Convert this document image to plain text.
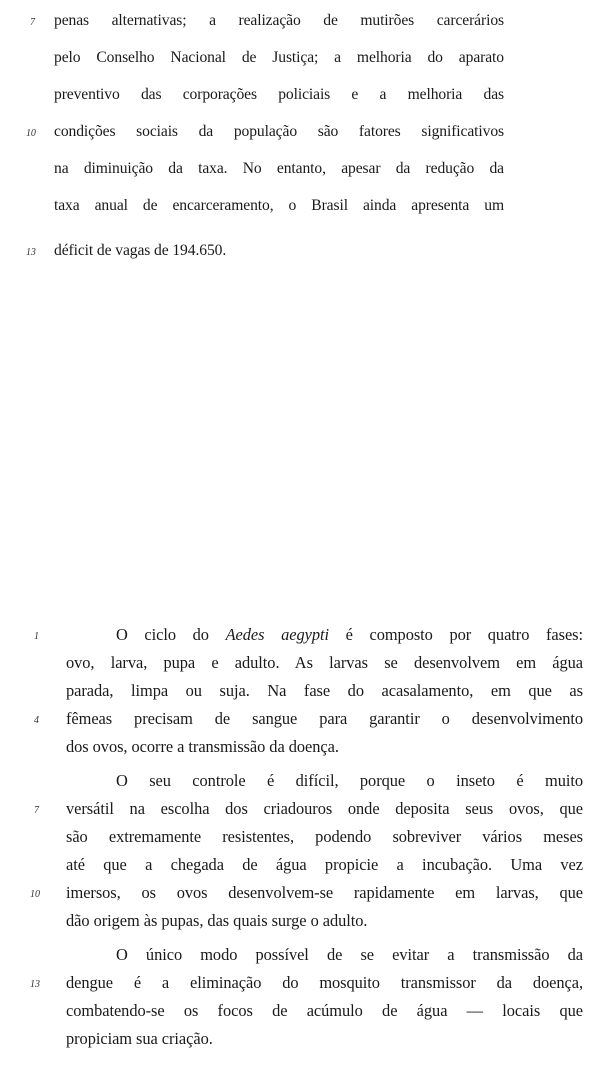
7 penas alternativas; a realização de mutirões carcerários
pelo Conselho Nacional de Justiça; a melhoria do aparato
preventivo das corporações policiais e a melhoria das
10 condições sociais da população são fatores significativos
na diminuição da taxa. No entanto, apesar da redução da
taxa anual de encarceramento, o Brasil ainda apresenta um
13 déficit de vagas de 194.650.
1	O ciclo do Aedes aegypti é composto por quatro fases:
ovo, larva, pupa e adulto. As larvas se desenvolvem em água
parada, limpa ou suja. Na fase do acasalamento, em que as
4 fêmeas precisam de sangue para garantir o desenvolvimento
dos ovos, ocorre a transmissão da doença.
O seu controle é difícil, porque o inseto é muito
7 versátil na escolha dos criadouros onde deposita seus ovos, que
são extremamente resistentes, podendo sobreviver vários meses
até que a chegada de água propicie a incubação. Uma vez
10 imersos, os ovos desenvolvem-se rapidamente em larvas, que
dão origem às pupas, das quais surge o adulto.
O único modo possível de se evitar a transmissão da
13 dengue é a eliminação do mosquito transmissor da doença,
combatendo-se os focos de acúmulo de água — locais que
propiciam sua criação.
